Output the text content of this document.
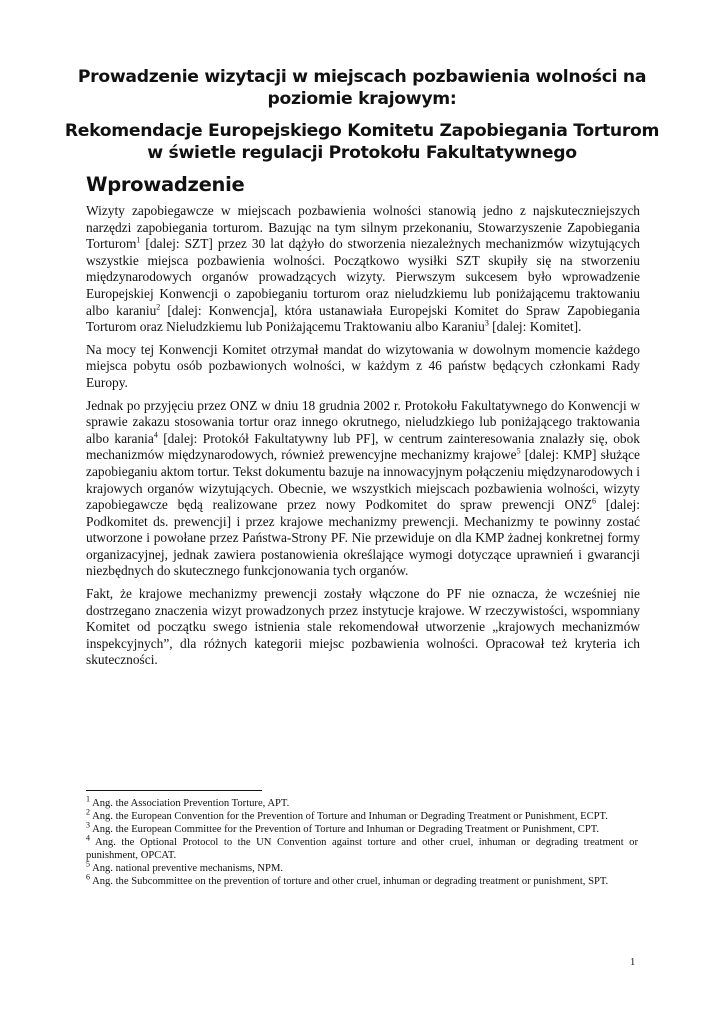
Prowadzenie wizytacji w miejscach pozbawienia wolności na poziomie krajowym:
Rekomendacje Europejskiego Komitetu Zapobiegania Torturom w świetle regulacji Protokołu Fakultatywnego
Wprowadzenie

Wizyty zapobiegawcze w miejscach pozbawienia wolności stanowią jedno z najskuteczniejszych narzędzi zapobiegania torturom. Bazując na tym silnym przekonaniu, Stowarzyszenie Zapobiegania Torturom$^1$ [dalej: SZT] przez 30 lat dążyło do stworzenia niezależnych mechanizmów wizytujących wszystkie miejsca pozbawienia wolności. Początkowo wysiłki SZT skupiły się na stworzeniu międzynarodowych organów prowadzących wizyty. Pierwszym sukcesem było wprowadzenie Europejskiej Konwencji o zapobieganiu torturom oraz nieludzkiemu lub poniżającemu traktowaniu albo karaniu$^2$ [dalej: Konwencja], która ustanawiała Europejski Komitet do Spraw Zapobiegania Torturom oraz Nieludzkiemu lub Poniżającemu Traktowaniu albo Karaniu$^3$ [dalej: Komitet].

Na mocy tej Konwencji Komitet otrzymał mandat do wizytowania w dowolnym momencie każdego miejsca pobytu osób pozbawionych wolności, w każdym z 46 państw będących członkami Rady Europy.

Jednak po przyjęciu przez ONZ w dniu 18 grudnia 2002 r. Protokołu Fakultatywnego do Konwencji w sprawie zakazu stosowania tortur oraz innego okrutnego, nieludzkiego lub poniżającego traktowania albo karania$^4$ [dalej: Protokół Fakultatywny lub PF], w centrum zainteresowania znalazły się, obok mechanizmów międzynarodowych, również prewencyjne mechanizmy krajowe$^5$ [dalej: KMP] służące zapobieganiu aktom tortur. Tekst dokumentu bazuje na innowacyjnym połączeniu międzynarodowych i krajowych organów wizytujących. Obecnie, we wszystkich miejscach pozbawienia wolności, wizyty zapobiegawcze będą realizowane przez nowy Podkomitet do spraw prewencji ONZ$^6$ [dalej: Podkomitet ds. prewencji] i przez krajowe mechanizmy prewencji. Mechanizmy te powinny zostać utworzone i powołane przez Państwa-Strony PF. Nie przewiduje on dla KMP żadnej konkretnej formy organizacyjnej, jednak zawiera postanowienia określające wymogi dotyczące uprawnień i gwarancji niezbędnych do skutecznego funkcjonowania tych organów.

Fakt, że krajowe mechanizmy prewencji zostały włączone do PF nie oznacza, że wcześniej nie dostrzegano znaczenia wizyt prowadzonych przez instytucje krajowe. W rzeczywistości, wspomniany Komitet od początku swego istnienia stale rekomendował utworzenie „krajowych mechanizmów inspekcyjnych”, dla różnych kategorii miejsc pozbawienia wolności. Opracował też kryteria ich skuteczności.

$^1$ Ang. the Association Prevention Torture, APT.
$^2$ Ang. the European Convention for the Prevention of Torture and Inhuman or Degrading Treatment or Punishment, ECPT.
$^3$ Ang. the European Committee for the Prevention of Torture and Inhuman or Degrading Treatment or Punishment, CPT.
$^4$ Ang. the Optional Protocol to the UN Convention against torture and other cruel, inhuman or degrading treatment or punishment, OPCAT.
$^5$ Ang. national preventive mechanisms, NPM.
$^6$ Ang. the Subcommittee on the prevention of torture and other cruel, inhuman or degrading treatment or punishment, SPT.
1
